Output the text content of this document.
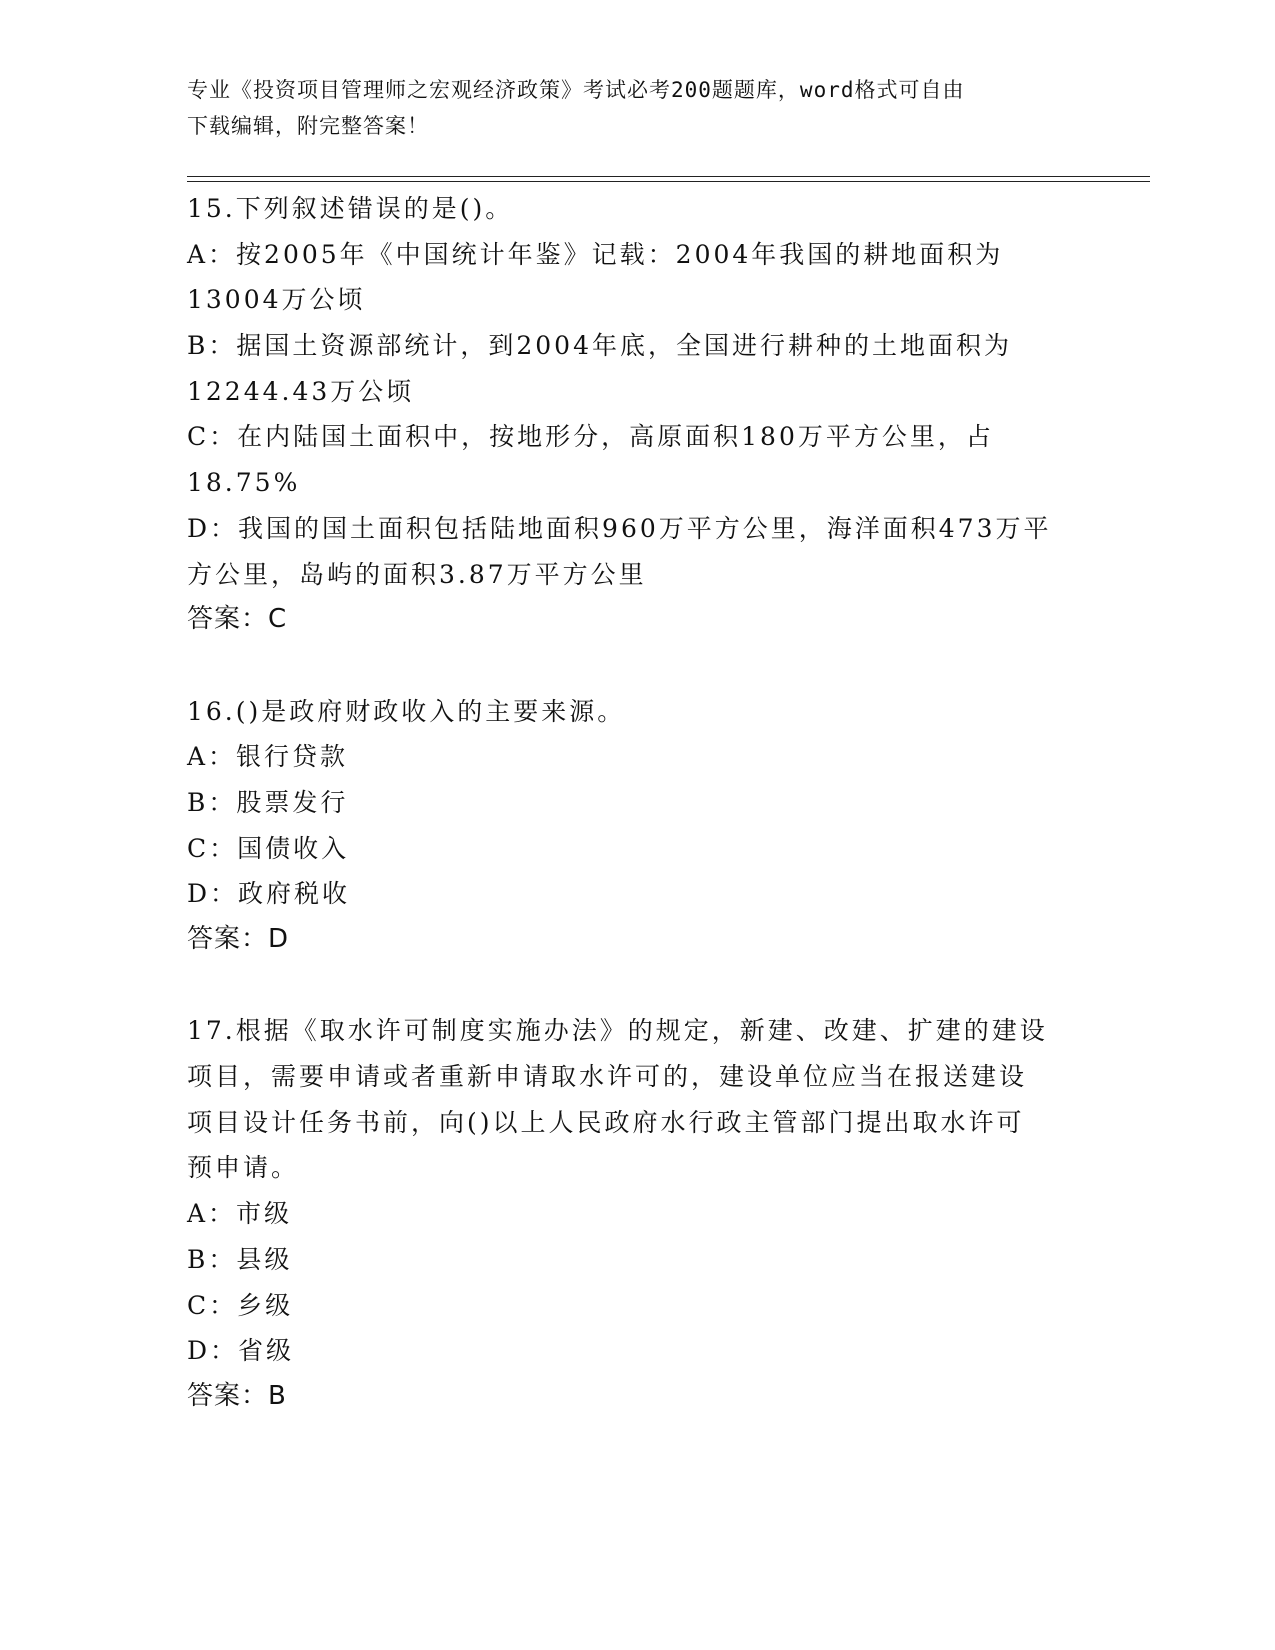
专业《投资项目管理师之宏观经济政策》考试必考200题题库，word格式可自由
下载编辑，附完整答案！
15.下列叙述错误的是()。
A：按2005年《中国统计年鉴》记载：2004年我国的耕地面积为
13004万公顷
B：据国土资源部统计，到2004年底，全国进行耕种的土地面积为
12244.43万公顷
C：在内陆国土面积中，按地形分，高原面积180万平方公里，占
18.75%
D：我国的国土面积包括陆地面积960万平方公里，海洋面积473万平
方公里，岛屿的面积3.87万平方公里
答案：C
16.()是政府财政收入的主要来源。
A：银行贷款
B：股票发行
C：国债收入
D：政府税收
答案：D
17.根据《取水许可制度实施办法》的规定，新建、改建、扩建的建设
项目，需要申请或者重新申请取水许可的，建设单位应当在报送建设
项目设计任务书前，向()以上人民政府水行政主管部门提出取水许可
预申请。
A：市级
B：县级
C：乡级
D：省级
答案：B
